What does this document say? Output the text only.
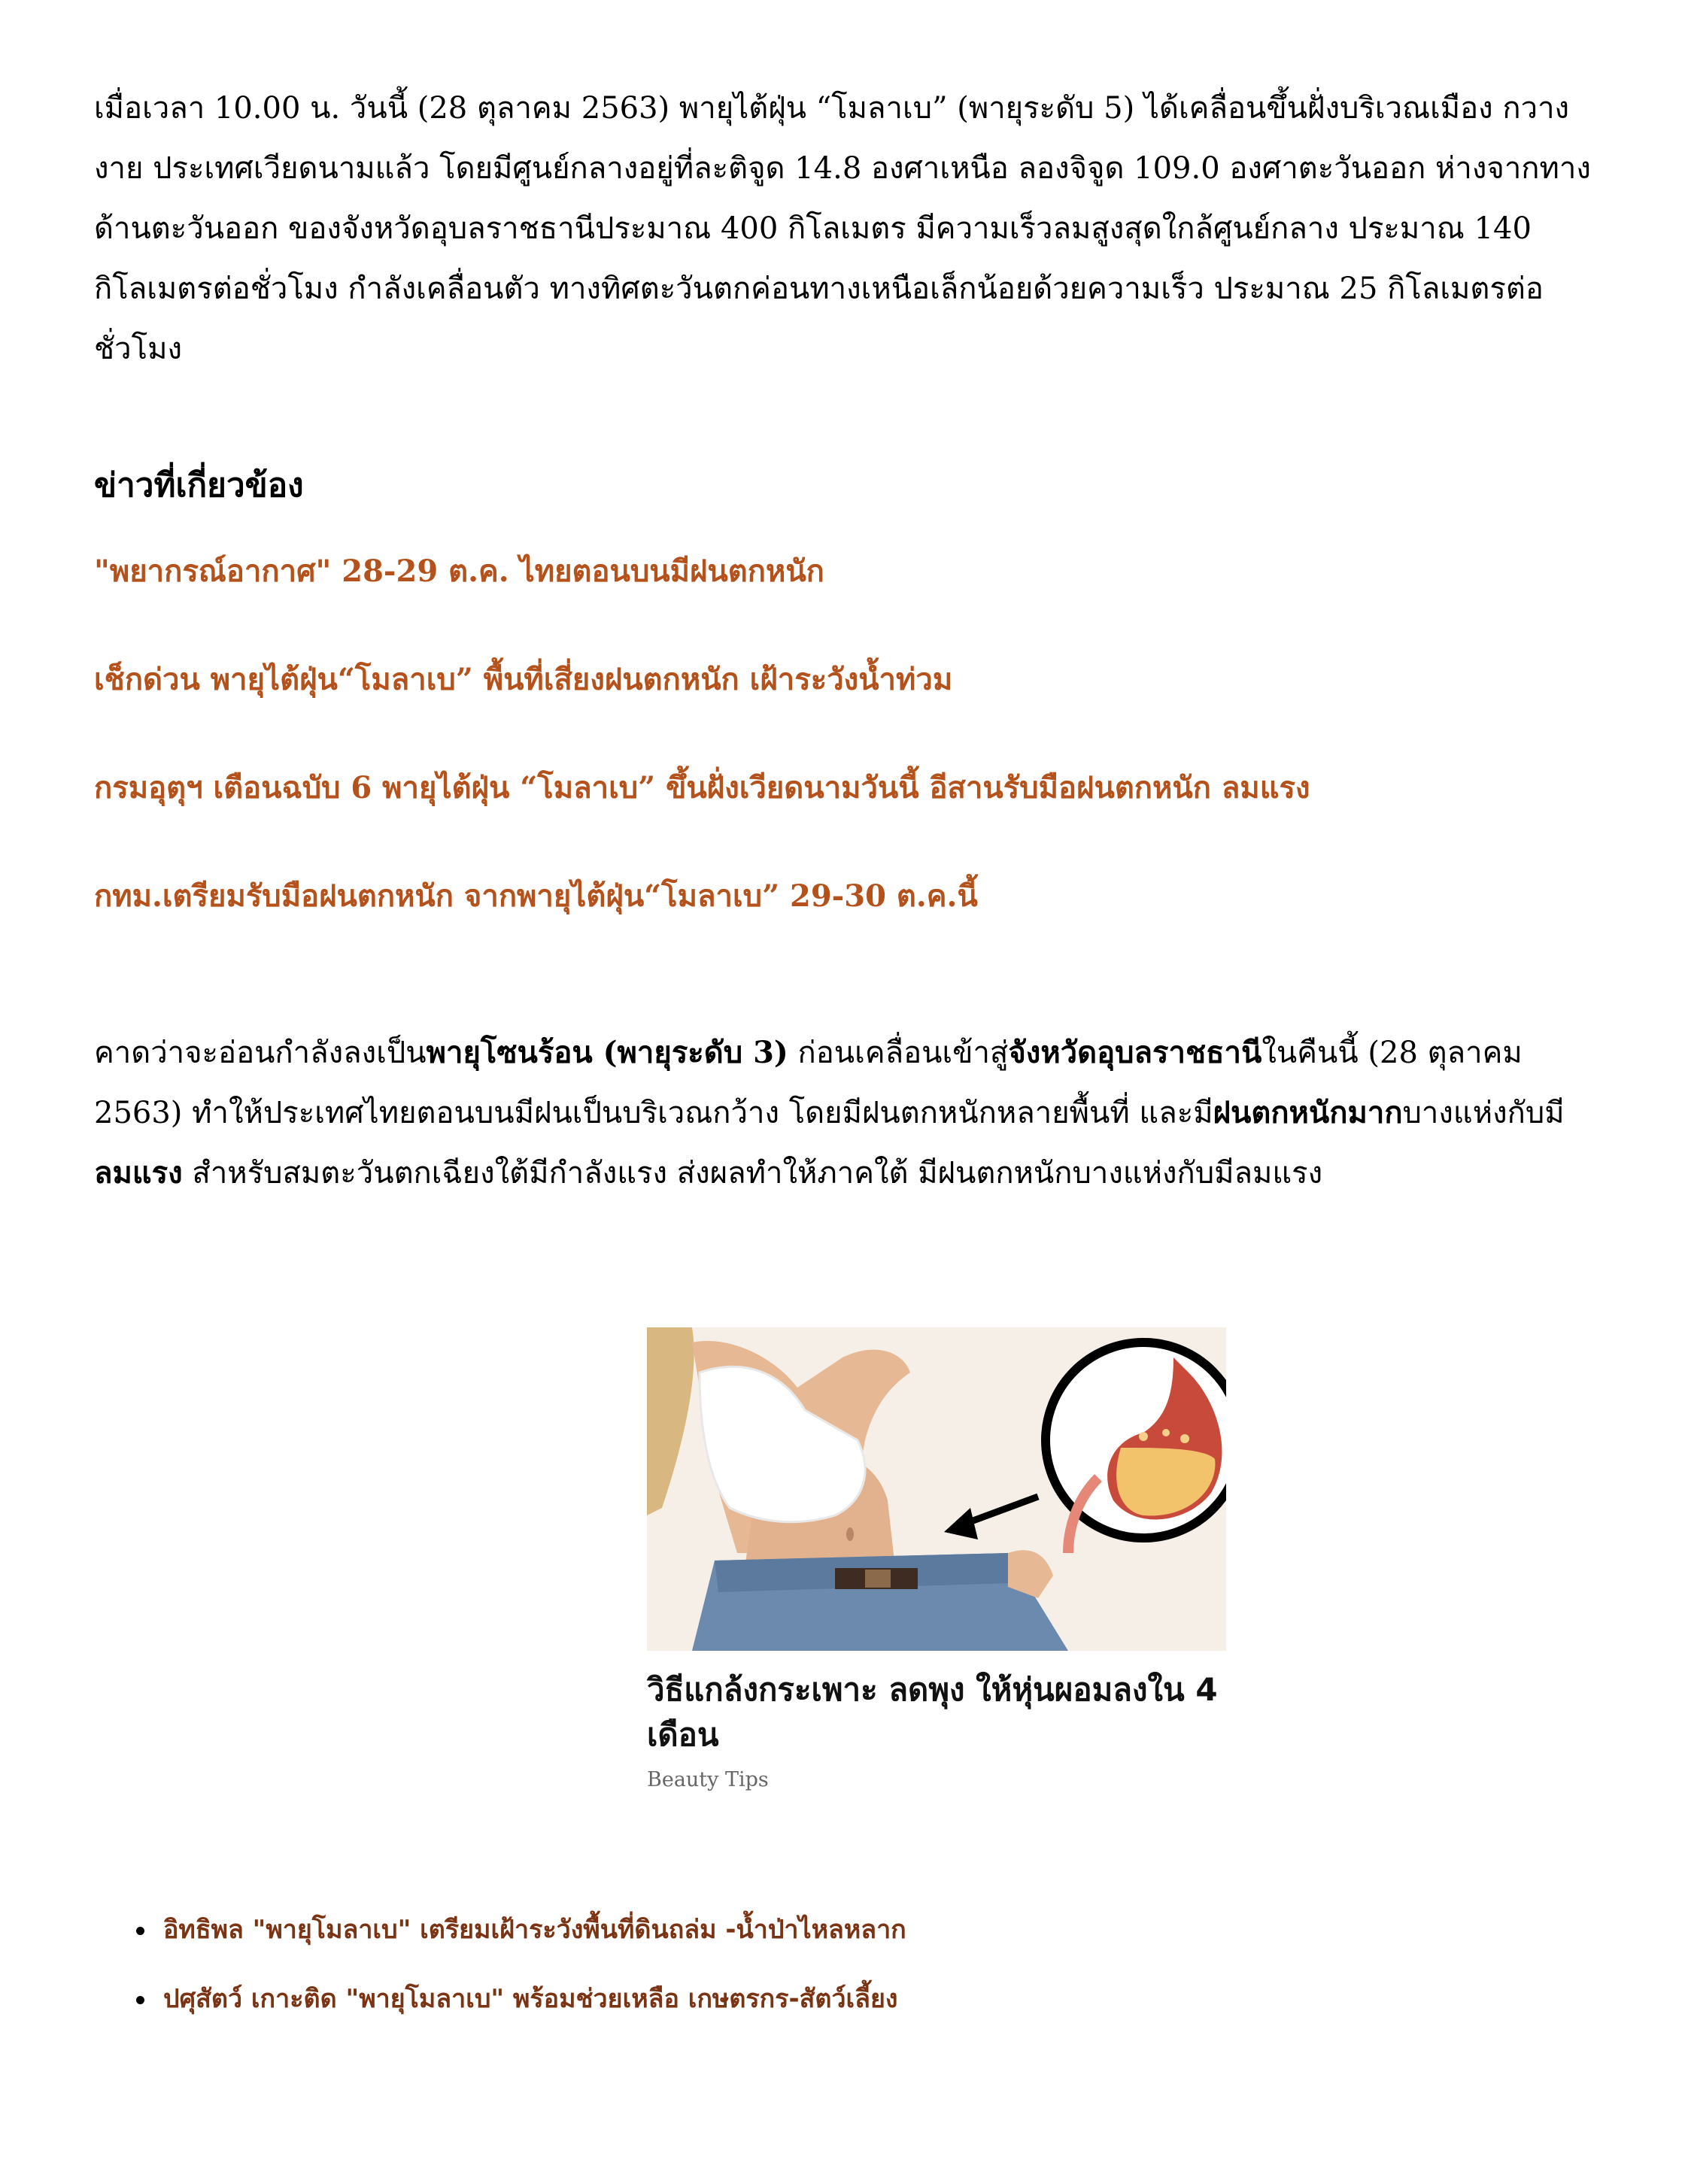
เมื่อเวลา 10.00 น. วันนี้ (28 ตุลาคม 2563) พายุไต้ฝุ่น “โมลาเบ” (พายุระดับ 5) ได้เคลื่อนขึ้นฝั่งบริเวณเมือง กวางงาย ประเทศเวียดนามแล้ว โดยมีศูนย์กลางอยู่ที่ละติจูด 14.8 องศาเหนือ ลองจิจูด 109.0 องศาตะวันออก ห่างจากทางด้านตะวันออก ของจังหวัดอุบลราชธานีประมาณ 400 กิโลเมตร มีความเร็วลมสูงสุดใกล้ศูนย์กลาง ประมาณ 140 กิโลเมตรต่อชั่วโมง กำลังเคลื่อนตัว ทางทิศตะวันตกค่อนทางเหนือเล็กน้อยด้วยความเร็ว ประมาณ 25 กิโลเมตรต่อชั่วโมง

ข่าวที่เกี่ยวข้อง
"พยากรณ์อากาศ" 28-29 ต.ค. ไทยตอนบนมีฝนตกหนัก
เช็กด่วน พายุไต้ฝุ่น“โมลาเบ” พื้นที่เสี่ยงฝนตกหนัก เฝ้าระวังน้ำท่วม
กรมอุตุฯ เตือนฉบับ 6 พายุไต้ฝุ่น “โมลาเบ” ขึ้นฝั่งเวียดนามวันนี้ อีสานรับมือฝนตกหนัก ลมแรง
กทม.เตรียมรับมือฝนตกหนัก จากพายุไต้ฝุ่น“โมลาเบ” 29-30 ต.ค.นี้

คาดว่าจะอ่อนกำลังลงเป็นพายุโซนร้อน (พายุระดับ 3) ก่อนเคลื่อนเข้าสู่จังหวัดอุบลราชธานีในคืนนี้ (28 ตุลาคม 2563) ทำให้ประเทศไทยตอนบนมีฝนเป็นบริเวณกว้าง โดยมีฝนตกหนักหลายพื้นที่ และมีฝนตกหนักมากบางแห่งกับมีลมแรง สำหรับสมตะวันตกเฉียงใต้มีกำลังแรง ส่งผลทำให้ภาคใต้ มีฝนตกหนักบางแห่งกับมีลมแรง

วิธีแกล้งกระเพาะ ลดพุง ให้หุ่นผอมลงใน 4 เดือน
Beauty Tips
อิทธิพล "พายุโมลาเบ" เตรียมเฝ้าระวังพื้นที่ดินถล่ม -น้ำป่าไหลหลาก
ปศุสัตว์ เกาะติด "พายุโมลาเบ" พร้อมช่วยเหลือ เกษตรกร-สัตว์เลี้ยง
